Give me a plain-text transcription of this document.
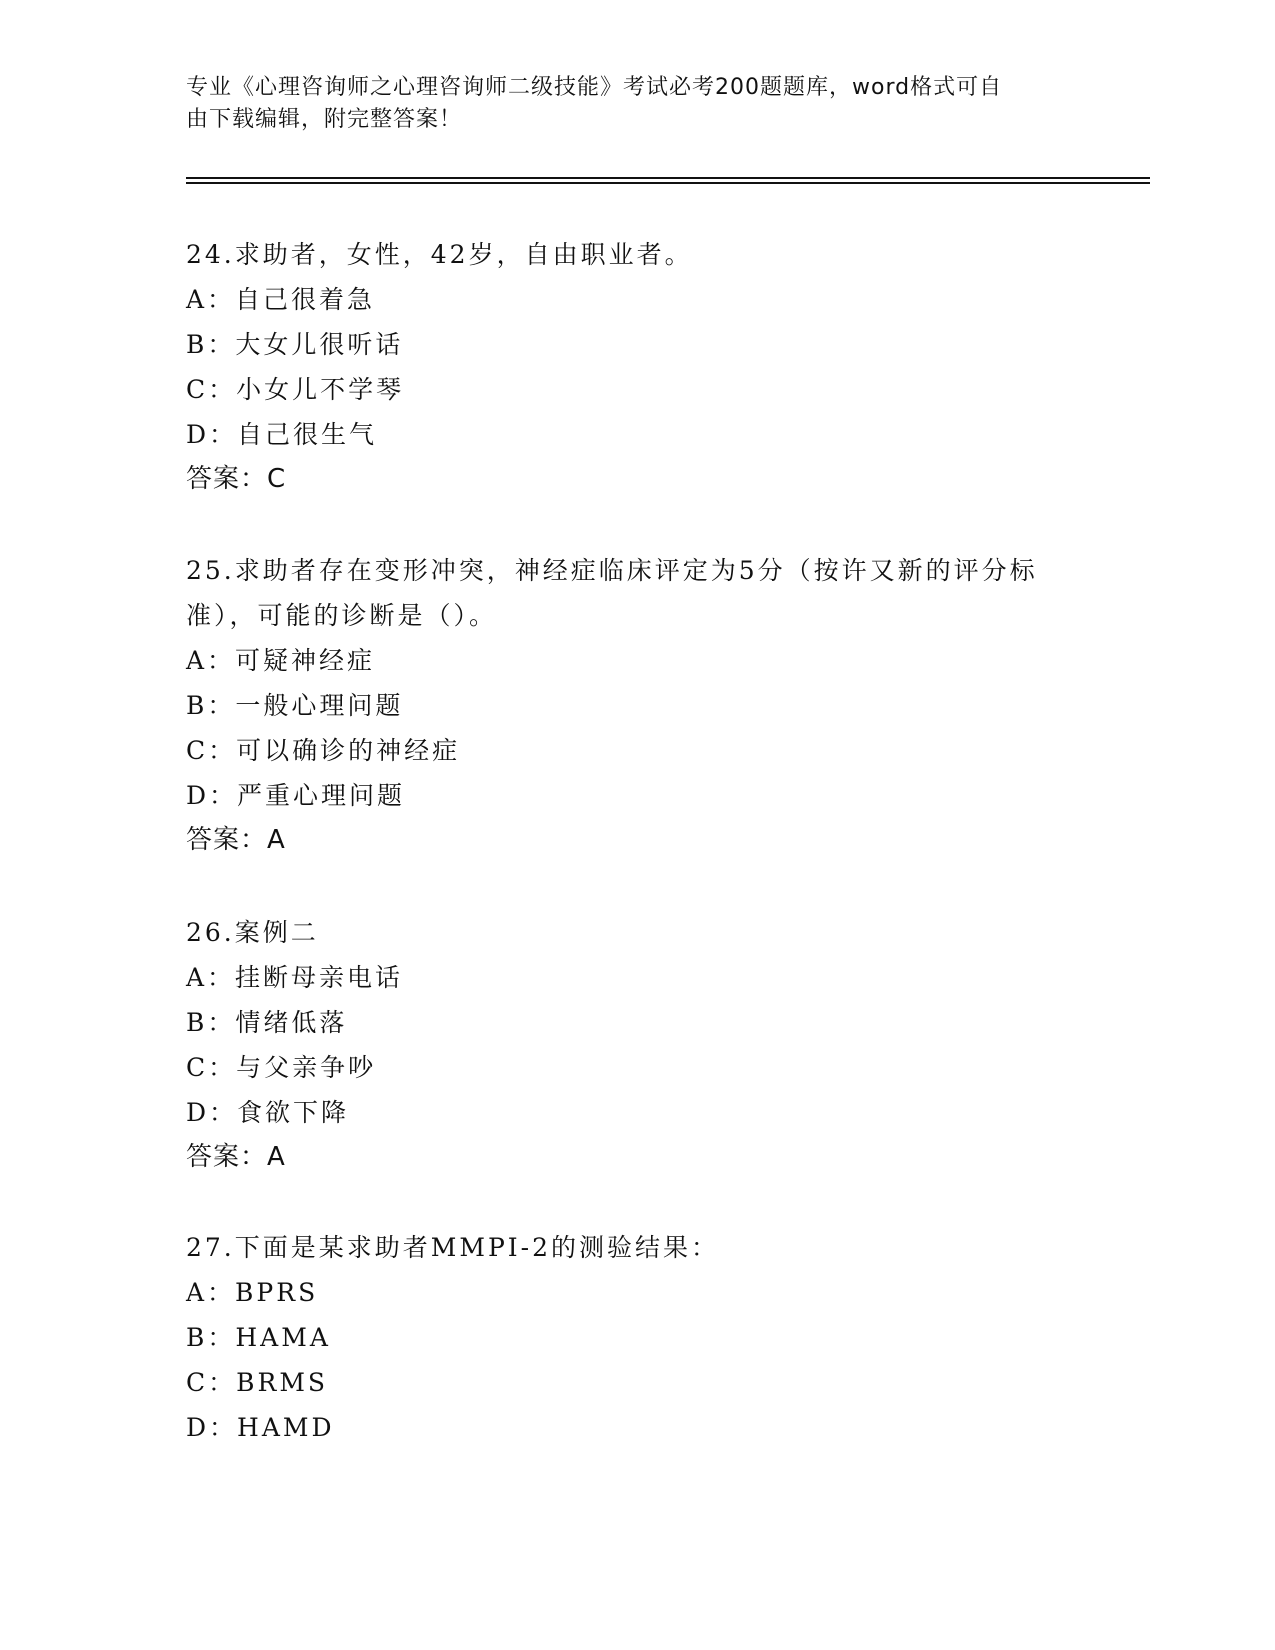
专业《心理咨询师之心理咨询师二级技能》考试必考200题题库，word格式可自
由下载编辑，附完整答案！
24.求助者，女性，42岁，自由职业者。
A：自己很着急
B：大女儿很听话
C：小女儿不学琴
D：自己很生气
答案：C
25.求助者存在变形冲突，神经症临床评定为5分（按许又新的评分标
准），可能的诊断是（）。
A：可疑神经症
B：一般心理问题
C：可以确诊的神经症
D：严重心理问题
答案：A
26.案例二
A：挂断母亲电话
B：情绪低落
C：与父亲争吵
D：食欲下降
答案：A
27.下面是某求助者MMPI-2的测验结果：
A：BPRS
B：HAMA
C：BRMS
D：HAMD
